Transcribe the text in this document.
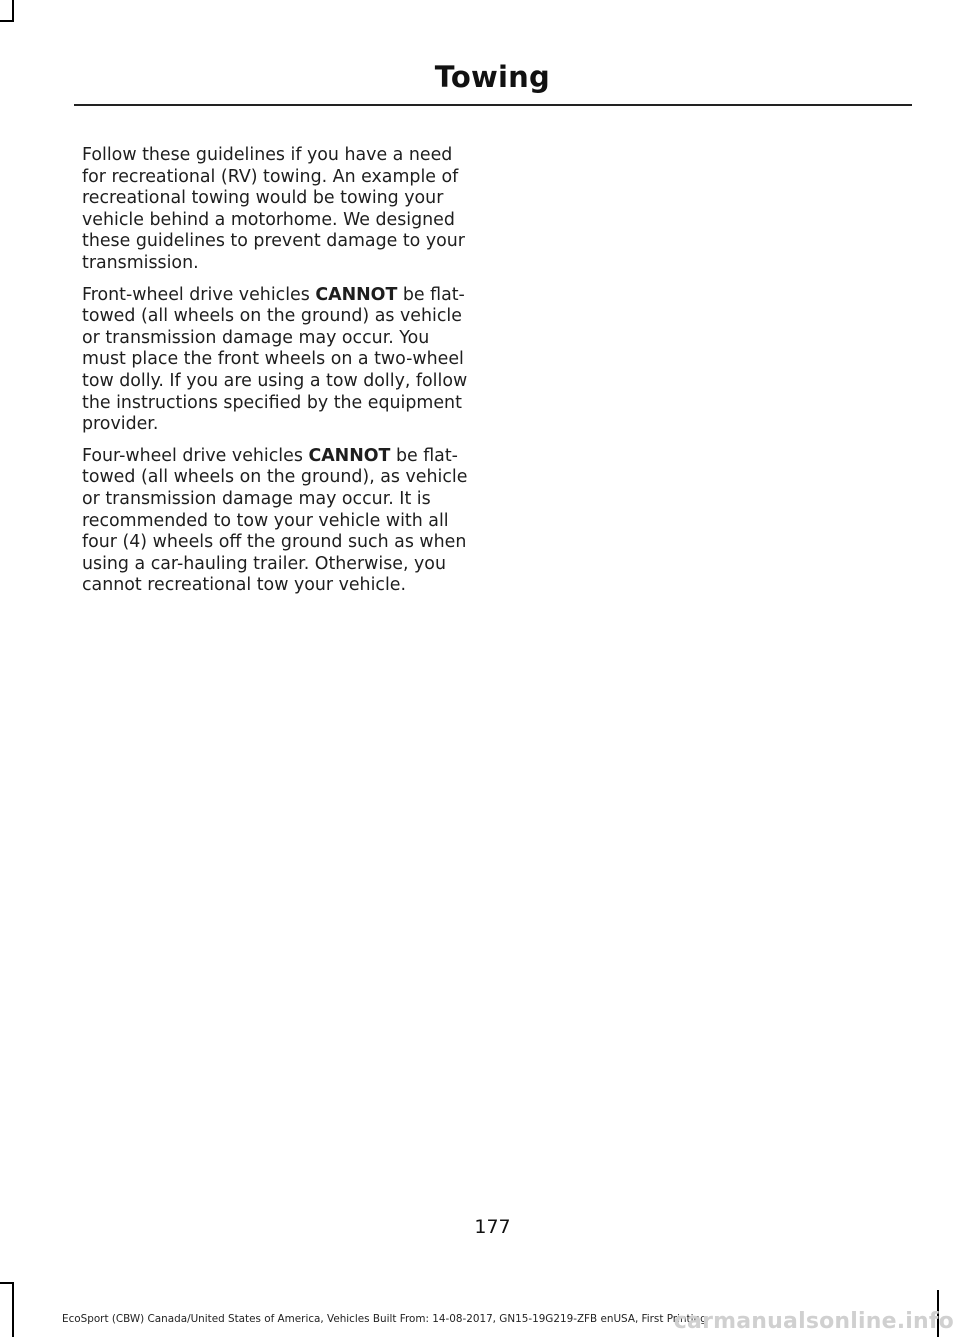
Towing

Follow these guidelines if you have a need for recreational (RV) towing. An example of recreational towing would be towing your vehicle behind a motorhome. We designed these guidelines to prevent damage to your transmission.

Front-wheel drive vehicles CANNOT be flat-towed (all wheels on the ground) as vehicle or transmission damage may occur. You must place the front wheels on a two-wheel tow dolly. If you are using a tow dolly, follow the instructions specified by the equipment provider.

Four-wheel drive vehicles CANNOT be flat-towed (all wheels on the ground), as vehicle or transmission damage may occur. It is recommended to tow your vehicle with all four (4) wheels off the ground such as when using a car-hauling trailer. Otherwise, you cannot recreational tow your vehicle.

177
EcoSport (CBW) Canada/United States of America, Vehicles Built From: 14-08-2017, GN15-19G219-ZFB enUSA, First Printing
carmanualsonline.info
